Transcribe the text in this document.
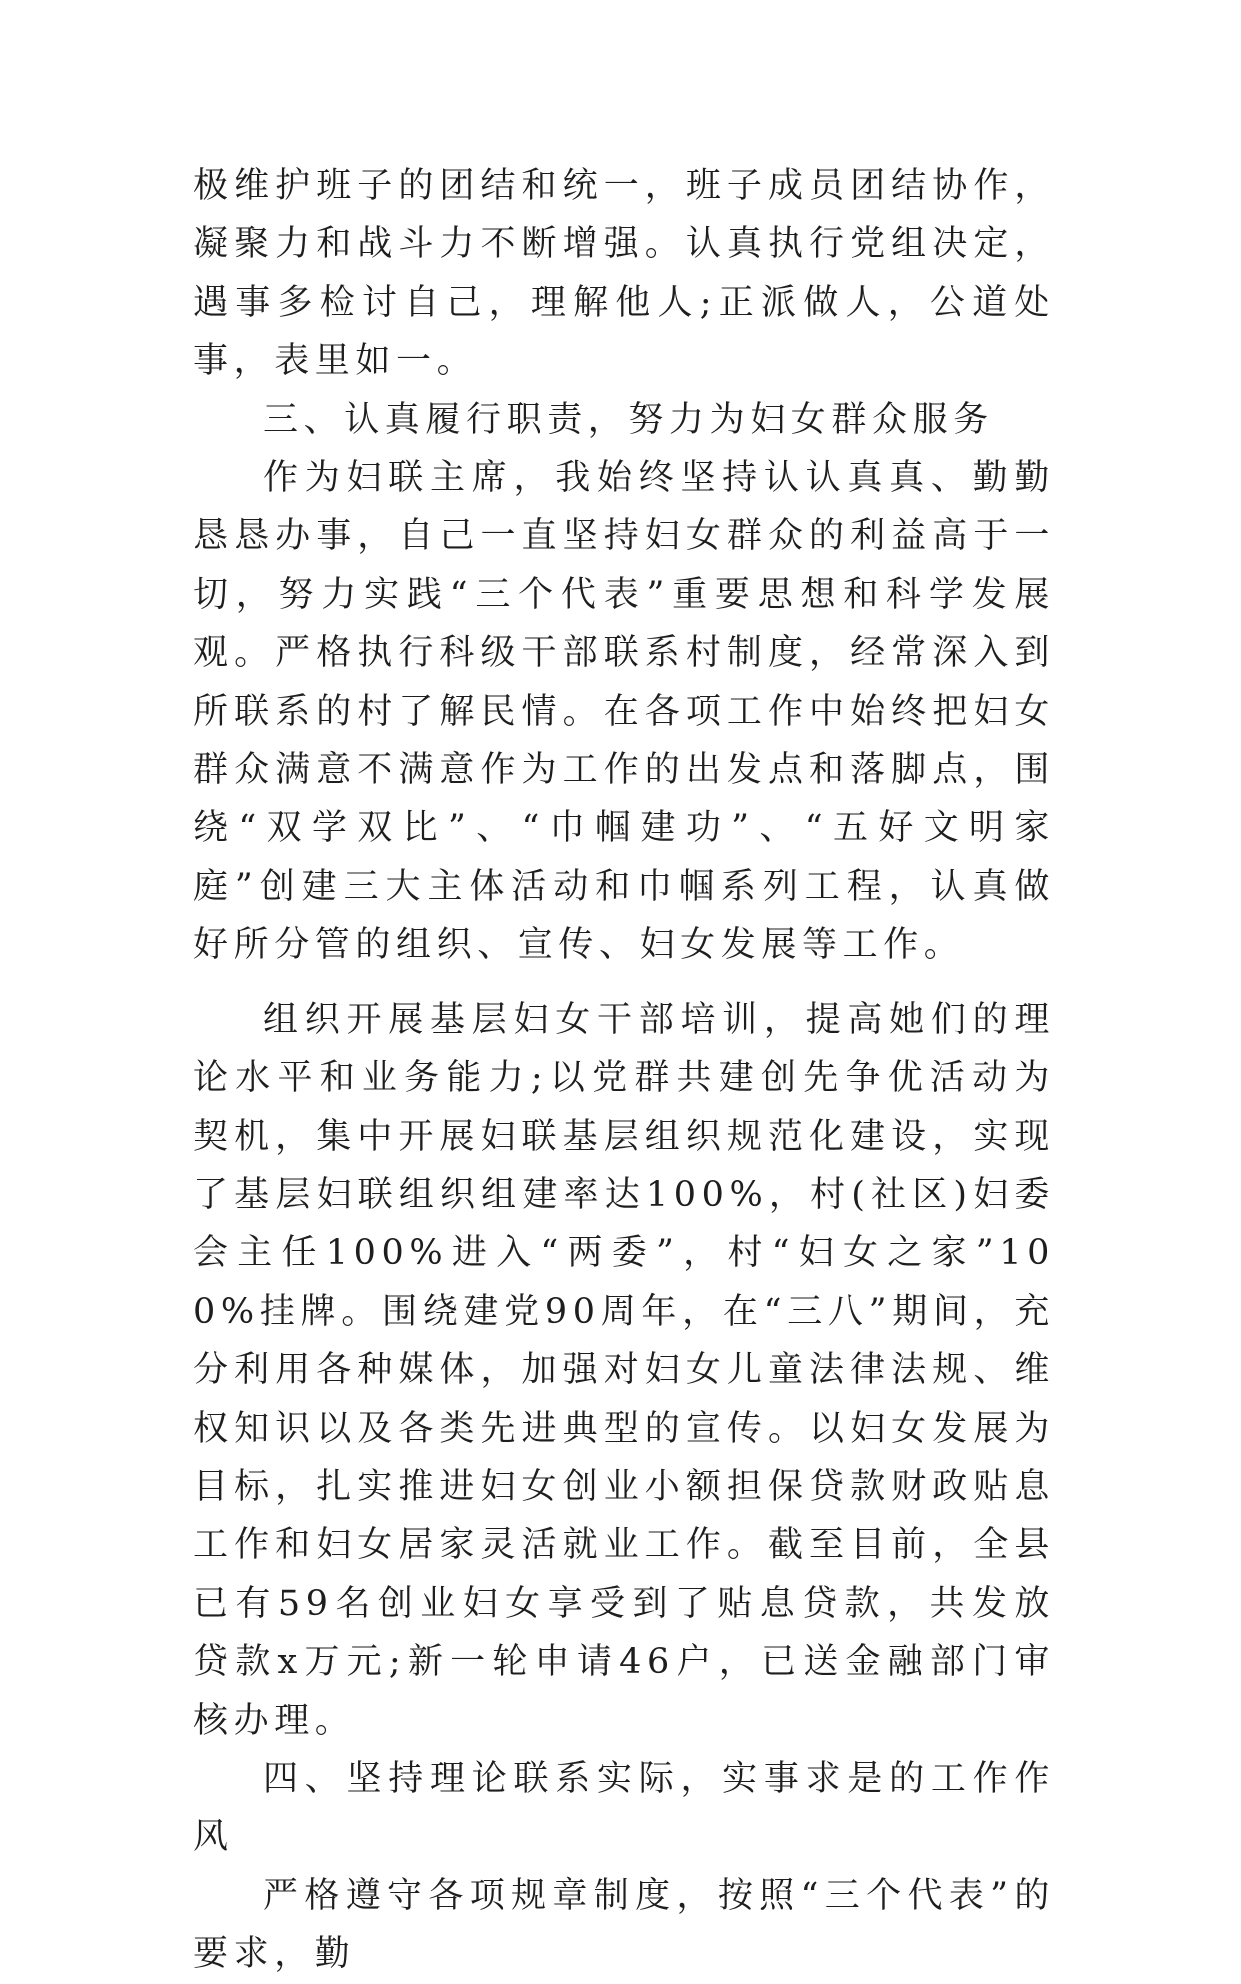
极维护班子的团结和统一，班子成员团结协作，凝聚力和战斗力不断增强。认真执行党组决定，遇事多检讨自己，理解他人;正派做人，公道处事，表里如一。

三、认真履行职责，努力为妇女群众服务

作为妇联主席，我始终坚持认认真真、勤勤恳恳办事，自己一直坚持妇女群众的利益高于一切，努力实践“三个代表”重要思想和科学发展观。严格执行科级干部联系村制度，经常深入到所联系的村了解民情。在各项工作中始终把妇女群众满意不满意作为工作的出发点和落脚点，围绕“双学双比”、“巾帼建功”、“五好文明家庭”创建三大主体活动和巾帼系列工程，认真做好所分管的组织、宣传、妇女发展等工作。

组织开展基层妇女干部培训，提高她们的理论水平和业务能力;以党群共建创先争优活动为契机，集中开展妇联基层组织规范化建设，实现了基层妇联组织组建率达100%，村(社区)妇委会主任100%进入“两委”，村“妇女之家”100%挂牌。围绕建党90周年，在“三八”期间，充分利用各种媒体，加强对妇女儿童法律法规、维权知识以及各类先进典型的宣传。以妇女发展为目标，扎实推进妇女创业小额担保贷款财政贴息工作和妇女居家灵活就业工作。截至目前，全县已有59名创业妇女享受到了贴息贷款，共发放贷款x万元;新一轮申请46户，已送金融部门审核办理。

四、坚持理论联系实际，实事求是的工作作风

严格遵守各项规章制度，按照“三个代表”的要求，勤
